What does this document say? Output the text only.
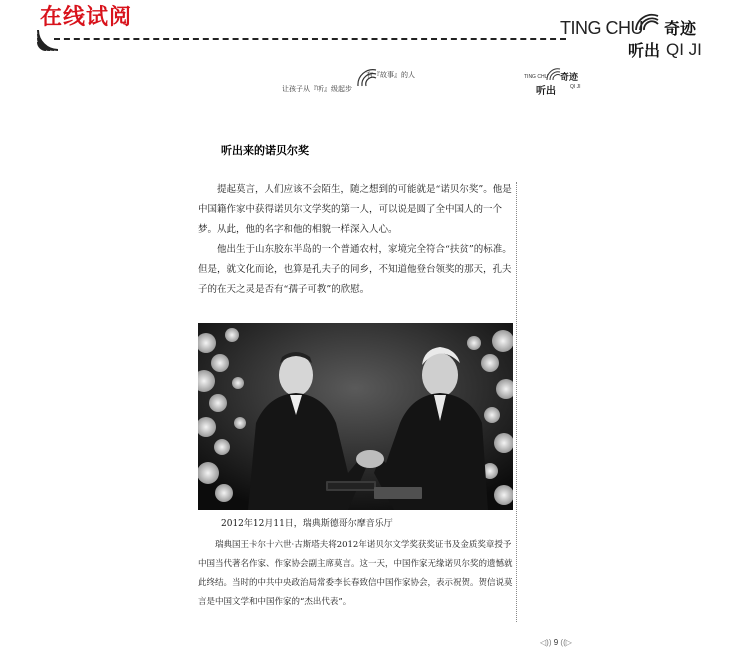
在线试阅	TING CHU 奇迹
听出 QI JI
有『故事』的人
让孩子从『听』级起步
TING CHU 奇迹
听出	QI JI
听出来的诺贝尔奖

提起莫言，人们应该不会陌生，随之想到的可能就是“诺贝尔奖”。他是中国籍作家中获得诺贝尔文学奖的第一人，可以说是圆了全中国人的一个梦。从此，他的名字和他的相貌一样深入人心。

他出生于山东胶东半岛的一个普通农村，家境完全符合“扶贫”的标准。但是，就文化而论，也算是孔夫子的同乡，不知道他登台领奖的那天，孔夫子的在天之灵是否有“孺子可教”的欣慰。

2012年12月11日，瑞典斯德哥尔摩音乐厅

瑞典国王卡尔十六世·古斯塔夫将2012年诺贝尔文学奖获奖证书及金质奖章授予中国当代著名作家、作家协会副主席莫言。这一天，中国作家无缘诺贝尔奖的遗憾就此终结。当时的中共中央政治局常委李长春致信中国作家协会，表示祝贺。贺信说莫言是中国文学和中国作家的“杰出代表”。

◁)) 9 ((▷
